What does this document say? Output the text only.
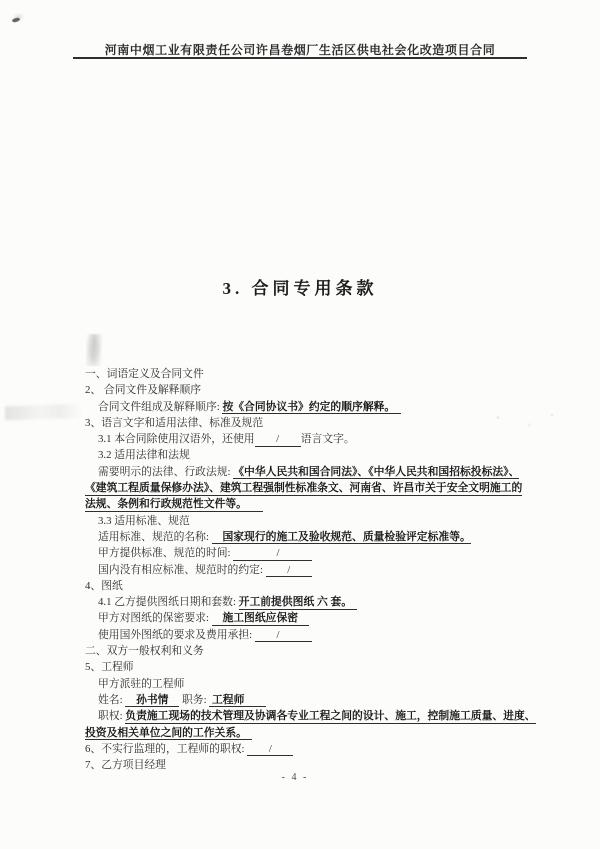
河南中烟工业有限责任公司许昌卷烟厂生活区供电社会化改造项目合同
3. 合同专用条款
一、词语定义及合同文件
2、 合同文件及解释顺序
合同文件组成及解释顺序: 按《合同协议书》约定的顺序解释。　
3、语言文字和适用法律、标准及规范
3.1 本合同除使用汉语外，还使用　　/　　语言文字。
3.2 适用法律和法规
需要明示的法律、行政法规: 《中华人民共和国合同法》、《中华人民共和国招标投标法》、
《建筑工程质量保修办法》、建筑工程强制性标准条文、河南省、许昌市关于安全文明施工的
法规、条例和行政规范性文件等。　　
3.3 适用标准、规范
适用标准、规范的名称: 　国家现行的施工及验收规范、质量检验评定标准等。
甲方提供标准、规范的时间: 　　　　/　　　
国内没有相应标准、规范时的约定: 　　/　　
4、图纸
4.1 乙方提供图纸日期和套数: 开工前提供图纸 六 套。　
甲方对图纸的保密要求: 　施工图纸应保密　
使用国外图纸的要求及费用承担: 　　/　　　
二、双方一般权利和义务
5、工程师
甲方派驻的工程师
姓名: 　孙书情　 职务:  工程师　　
职权: 负责施工现场的技术管理及协调各专业工程之间的设计、施工，控制施工质量、进度、
投资及相关单位之间的工作关系。　
6、不实行监理的，工程师的职权: 　　/　　
7、乙方项目经理
- 4 -
